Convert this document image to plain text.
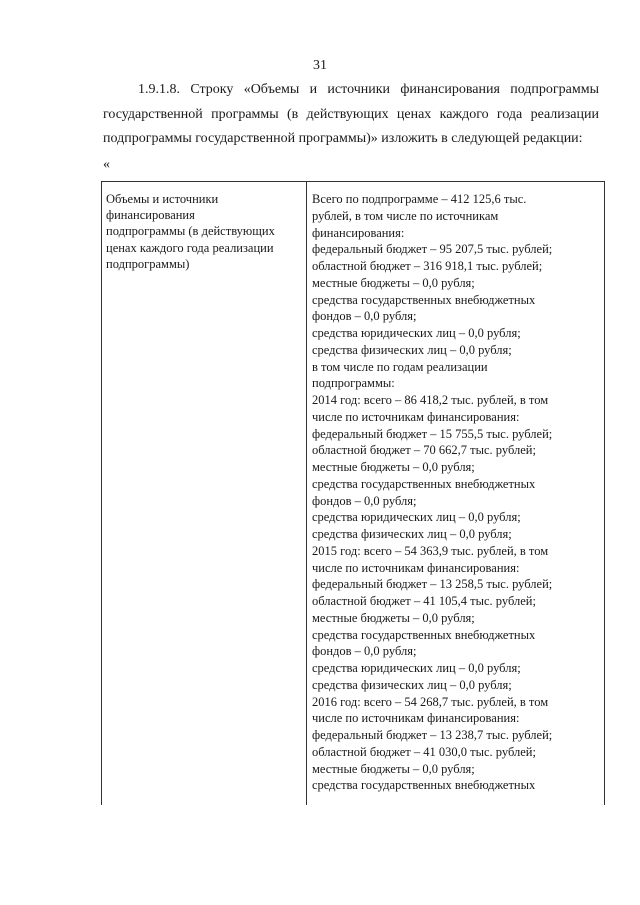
31

1.9.1.8. Строку «Объемы и источники финансирования подпрограммы

государственной программы (в действующих ценах каждого года реализации

подпрограммы государственной программы)» изложить в следующей редакции:

«
Объемы и источники
финансирования
подпрограммы (в действующих
ценах каждого года реализации
подпрограммы)
Всего по подпрограмме – 412 125,6 тыс.
рублей, в том числе по источникам
финансирования:
федеральный бюджет – 95 207,5 тыс. рублей;
областной бюджет – 316 918,1 тыс. рублей;
местные бюджеты – 0,0 рубля;
средства государственных внебюджетных
фондов – 0,0 рубля;
средства юридических лиц – 0,0 рубля;
средства физических лиц – 0,0 рубля;
в том числе по годам реализации
подпрограммы:
2014 год: всего – 86 418,2 тыс. рублей, в том
числе по источникам финансирования:
федеральный бюджет – 15 755,5 тыс. рублей;
областной бюджет – 70 662,7 тыс. рублей;
местные бюджеты – 0,0 рубля;
средства государственных внебюджетных
фондов – 0,0 рубля;
средства юридических лиц – 0,0 рубля;
средства физических лиц – 0,0 рубля;
2015 год: всего – 54 363,9 тыс. рублей, в том
числе по источникам финансирования:
федеральный бюджет – 13 258,5 тыс. рублей;
областной бюджет – 41 105,4 тыс. рублей;
местные бюджеты – 0,0 рубля;
средства государственных внебюджетных
фондов – 0,0 рубля;
средства юридических лиц – 0,0 рубля;
средства физических лиц – 0,0 рубля;
2016 год: всего – 54 268,7 тыс. рублей, в том
числе по источникам финансирования:
федеральный бюджет – 13 238,7 тыс. рублей;
областной бюджет – 41 030,0 тыс. рублей;
местные бюджеты – 0,0 рубля;
средства государственных внебюджетных
